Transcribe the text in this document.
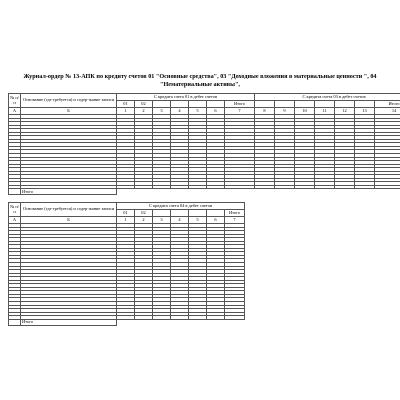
Журнал-ордер № 13-АПК по кредиту счетов 01 "Основные средства", 03 "Доходные вложения в материальные ценности ", 04
"Нематериальные активы",
№ п/п	Основание (где требуется) и содер-жание записи	С кредита счета 01 в дебет счетов							С кредита счета 03 в дебет счетов						
		01	02					Итого							Итого
А	Б	1	2	3	4	5	6	7	8	9	10	11	12	13	14

	Итого														
№ п/п	Основание (где требуется) и содер-жание записи	С кредита счета 04 в дебет счетов						
		01	02					Итого
А	Б	1	2	3	4	5	6	7

	Итого							
